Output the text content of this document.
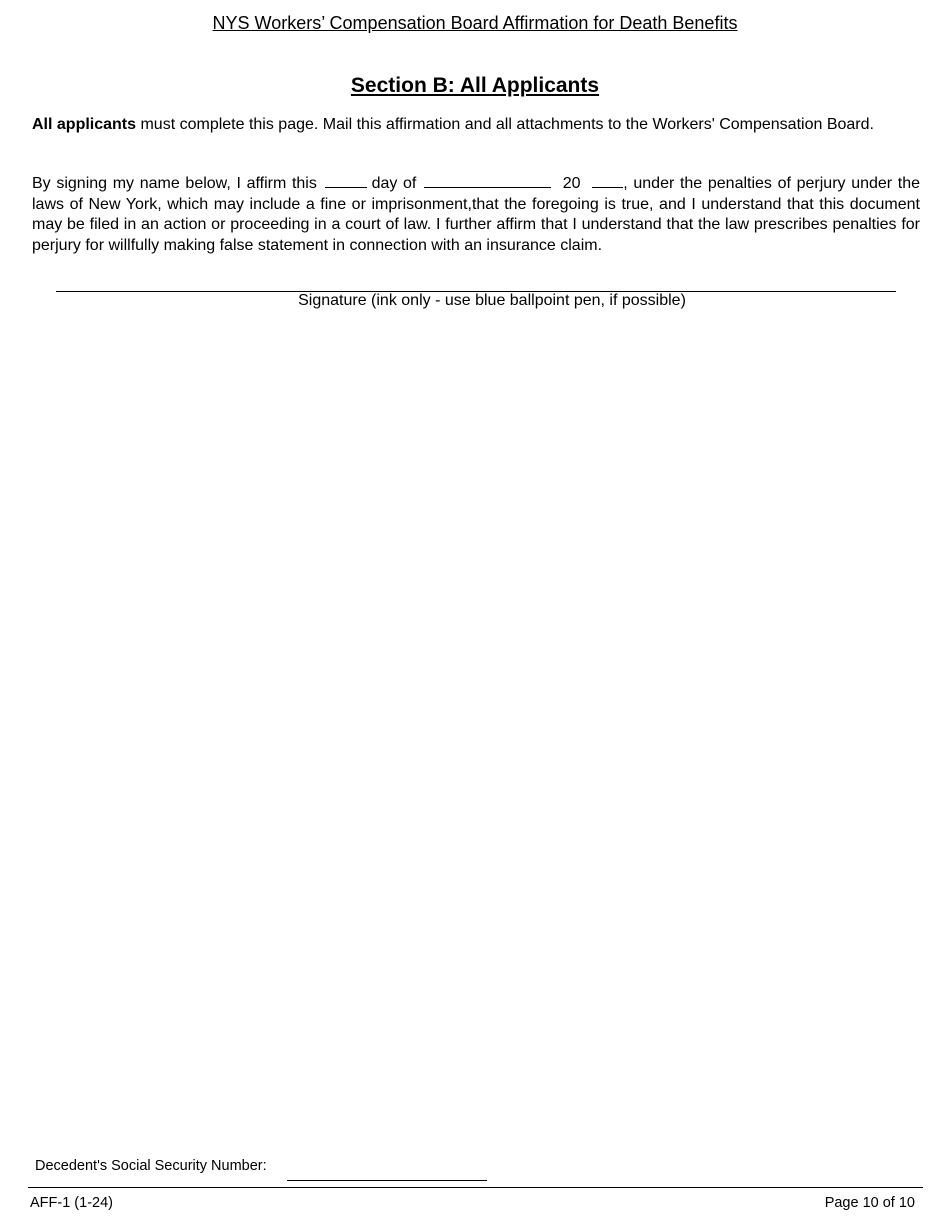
NYS Workers’ Compensation Board Affirmation for Death Benefits
Section B: All Applicants
All applicants must complete this page. Mail this affirmation and all attachments to the Workers' Compensation Board.
By signing my name below, I affirm this	day of	20	, under the penalties of perjury under the laws of New York, which may include a fine or imprisonment,that the foregoing is true, and I understand that this document may be filed in an action or proceeding in a court of law. I further affirm that I understand that the law prescribes penalties for perjury for willfully making false statement in connection with an insurance claim.
Signature (ink only - use blue ballpoint pen, if possible)
Decedent's Social Security Number:
AFF-1 (1-24)	Page 10 of 10
